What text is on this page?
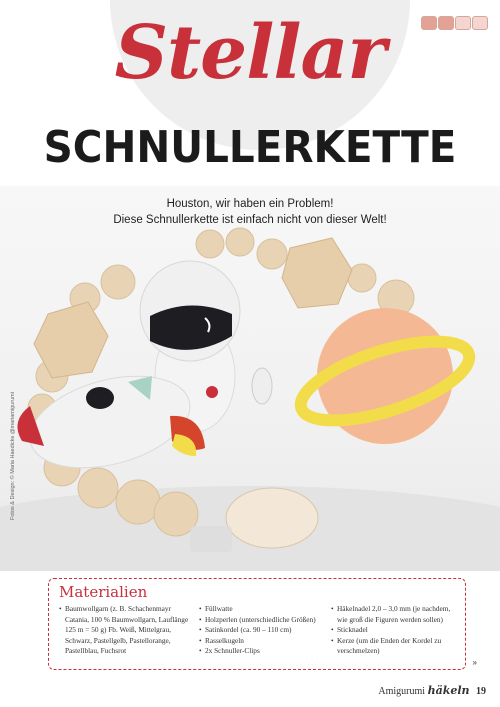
Stellar
SCHNULLERKETTE
Houston, wir haben ein Problem!
Diese Schnullerkette ist einfach nicht von dieser Welt!
Fotos & Design: © Maria Haedicke @mariamigurumi
Materialien
• Baumwollgarn (z. B. Schachenmayr Catania, 100 % Baumwollgarn, Lauflänge 125 m = 50 g) Fb. Weiß, Mittelgrau, Schwarz, Pastellgelb, Pastellorange, Pastellblau, Fuchsrot
• Füllwatte
• Holzperlen (unterschiedliche Größen)
• Satinkordel (ca. 90 – 110 cm)
• Rasselkugeln
• 2x Schnuller-Clips
• Häkelnadel 2,0 – 3,0 mm (je nachdem, wie groß die Figuren werden sollen)
• Sticknadel
• Kerze (um die Enden der Kordel zu verschmelzen)
»
Amigurumi häkeln 19
